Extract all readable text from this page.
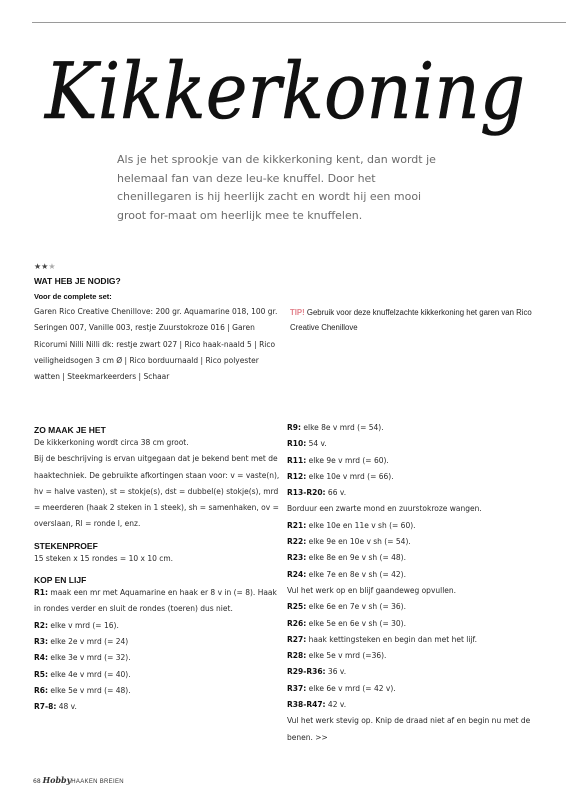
Kikkerkoning

Als je het sprookje van de kikkerkoning kent, dan wordt je helemaal fan van deze leu-ke knuffel. Door het chenillegaren is hij heerlijk zacht en wordt hij een mooi groot for-maat om heerlijk mee te knuffelen.

★★★

WAT HEB JE NODIG?

Voor de complete set:

Garen Rico Creative Chenillove: 200 gr. Aquamarine 018, 100 gr. Seringen 007, Vanille 003, restje Zuurstokroze 016 | Garen Ricorumi Nilli Nilli dk: restje zwart 027 | Rico haak-naald 5 | Rico veiligheidsogen 3 cm Ø | Rico borduurnaald | Rico polyester watten | Steekmarkeerders | Schaar

TIP! Gebruik voor deze knuffelzachte kikkerkoning het garen van Rico Creative Chenillove

ZO MAAK JE HET

De kikkerkoning wordt circa 38 cm groot.

Bij de beschrijving is ervan uitgegaan dat je bekend bent met de haaktechniek. De gebruikte afkortingen staan voor: v = vaste(n), hv = halve vasten), st = stokje(s), dst = dubbel(e) stokje(s), mrd = meerderen (haak 2 steken in 1 steek), sh = samenhaken, ov = overslaan, Rl = ronde l, enz.

STEKENPROEF

15 steken x 15 rondes = 10 x 10 cm.

KOP EN LIJF

R1: maak een mr met Aquamarine en haak er 8 v in (= 8). Haak in rondes verder en sluit de rondes (toeren) dus niet.

R2: elke v mrd (= 16).

R3: elke 2e v mrd (= 24)

R4: elke 3e v mrd (= 32).

R5: elke 4e v mrd (= 40).

R6: elke 5e v mrd (= 48).

R7-8: 48 v.

R9: elke 8e v mrd (= 54).

R10: 54 v.

R11: elke 9e v mrd (= 60).

R12: elke 10e v mrd (= 66).

R13-R20: 66 v.

Borduur een zwarte mond en zuurstokroze wangen.

R21: elke 10e en 11e v sh (= 60).

R22: elke 9e en 10e v sh (= 54).

R23: elke 8e en 9e v sh (= 48).

R24: elke 7e en 8e v sh (= 42).

Vul het werk op en blijf gaandeweg opvullen.

R25: elke 6e en 7e v sh (= 36).

R26: elke 5e en 6e v sh (= 30).

R27: haak kettingsteken en begin dan met het lijf.

R28: elke 5e v mrd (=36).

R29-R36: 36 v.

R37: elke 6e v mrd (= 42 v).

R38-R47: 42 v.

Vul het werk stevig op. Knip de draad niet af en begin nu met de benen. >>

68 HobbyHAAKEN BREIEN
